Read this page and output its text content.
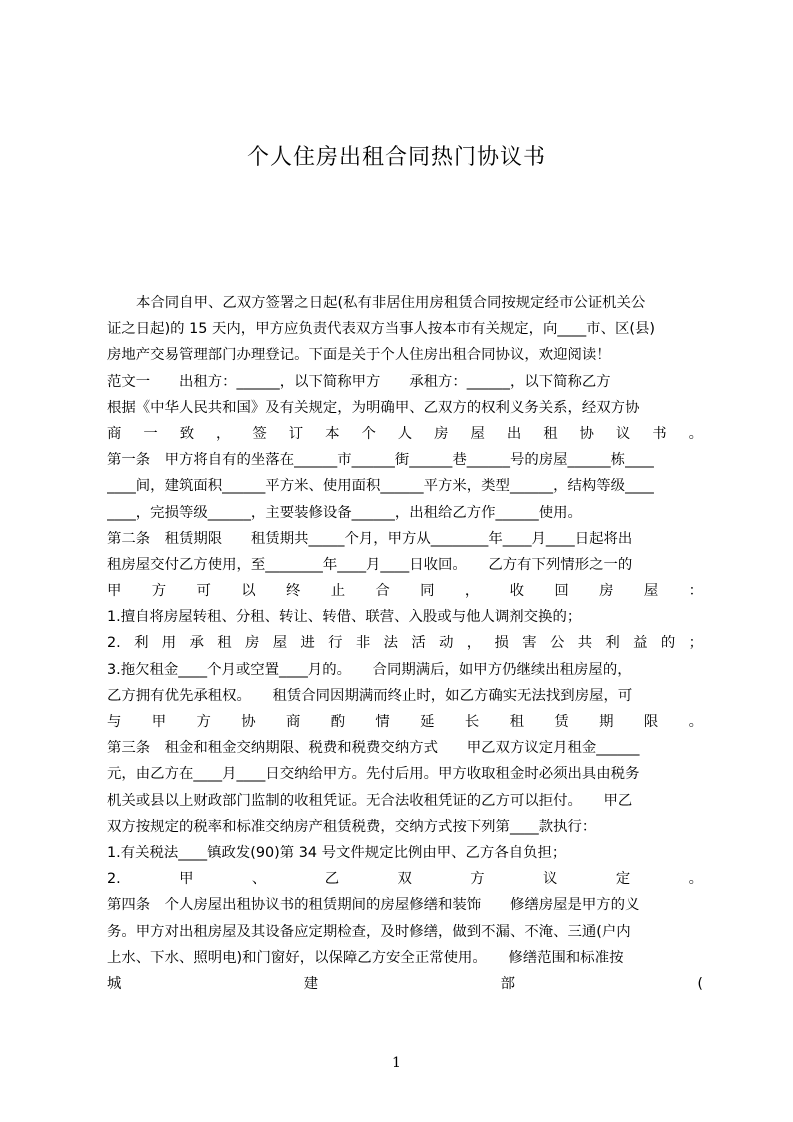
个人住房出租合同热门协议书
本合同自甲、乙双方签署之日起(私有非居住用房租赁合同按规定经市公证机关公
证之日起)的 15 天内，甲方应负责代表双方当事人按本市有关规定，向____市、区(县)
房地产交易管理部门办理登记。下面是关于个人住房出租合同协议，欢迎阅读！
范文一　　出租方：______，以下简称甲方　　承租方：______，以下简称乙方
根据《中华人民共和国》及有关规定，为明确甲、乙双方的权利义务关系，经双方协
商一致，签订本个人房屋出租协议书。
第一条　甲方将自有的坐落在______市______街______巷______号的房屋______栋____
____间，建筑面积______平方米、使用面积______平方米，类型______，结构等级____
____，完损等级______，主要装修设备______，出租给乙方作______使用。
第二条　租赁期限　　租赁期共_____个月，甲方从________年____月____日起将出
租房屋交付乙方使用，至________年____月____日收回。　　乙方有下列情形之一的
甲方可以终止合同，收回房屋：
1.擅自将房屋转租、分租、转让、转借、联营、入股或与他人调剂交换的；
2.利用承租房屋进行非法活动，损害公共利益的；
3.拖欠租金____个月或空置____月的。　　合同期满后，如甲方仍继续出租房屋的，
乙方拥有优先承租权。　　租赁合同因期满而终止时，如乙方确实无法找到房屋，可
与甲方协商酌情延长租赁期限。
第三条　租金和租金交纳期限、税费和税费交纳方式　　甲乙双方议定月租金______
元，由乙方在____月____日交纳给甲方。先付后用。甲方收取租金时必须出具由税务
机关或县以上财政部门监制的收租凭证。无合法收租凭证的乙方可以拒付。　　甲乙
双方按规定的税率和标准交纳房产租赁税费，交纳方式按下列第____款执行：
1.有关税法____镇政发(90)第 34 号文件规定比例由甲、乙方各自负担；
2.甲、乙双方议定。
第四条　个人房屋出租协议书的租赁期间的房屋修缮和装饰　　修缮房屋是甲方的义
务。甲方对出租房屋及其设备应定期检查，及时修缮，做到不漏、不淹、三通(户内
上水、下水、照明电)和门窗好，以保障乙方安全正常使用。　　修缮范围和标准按
城建部(
1
